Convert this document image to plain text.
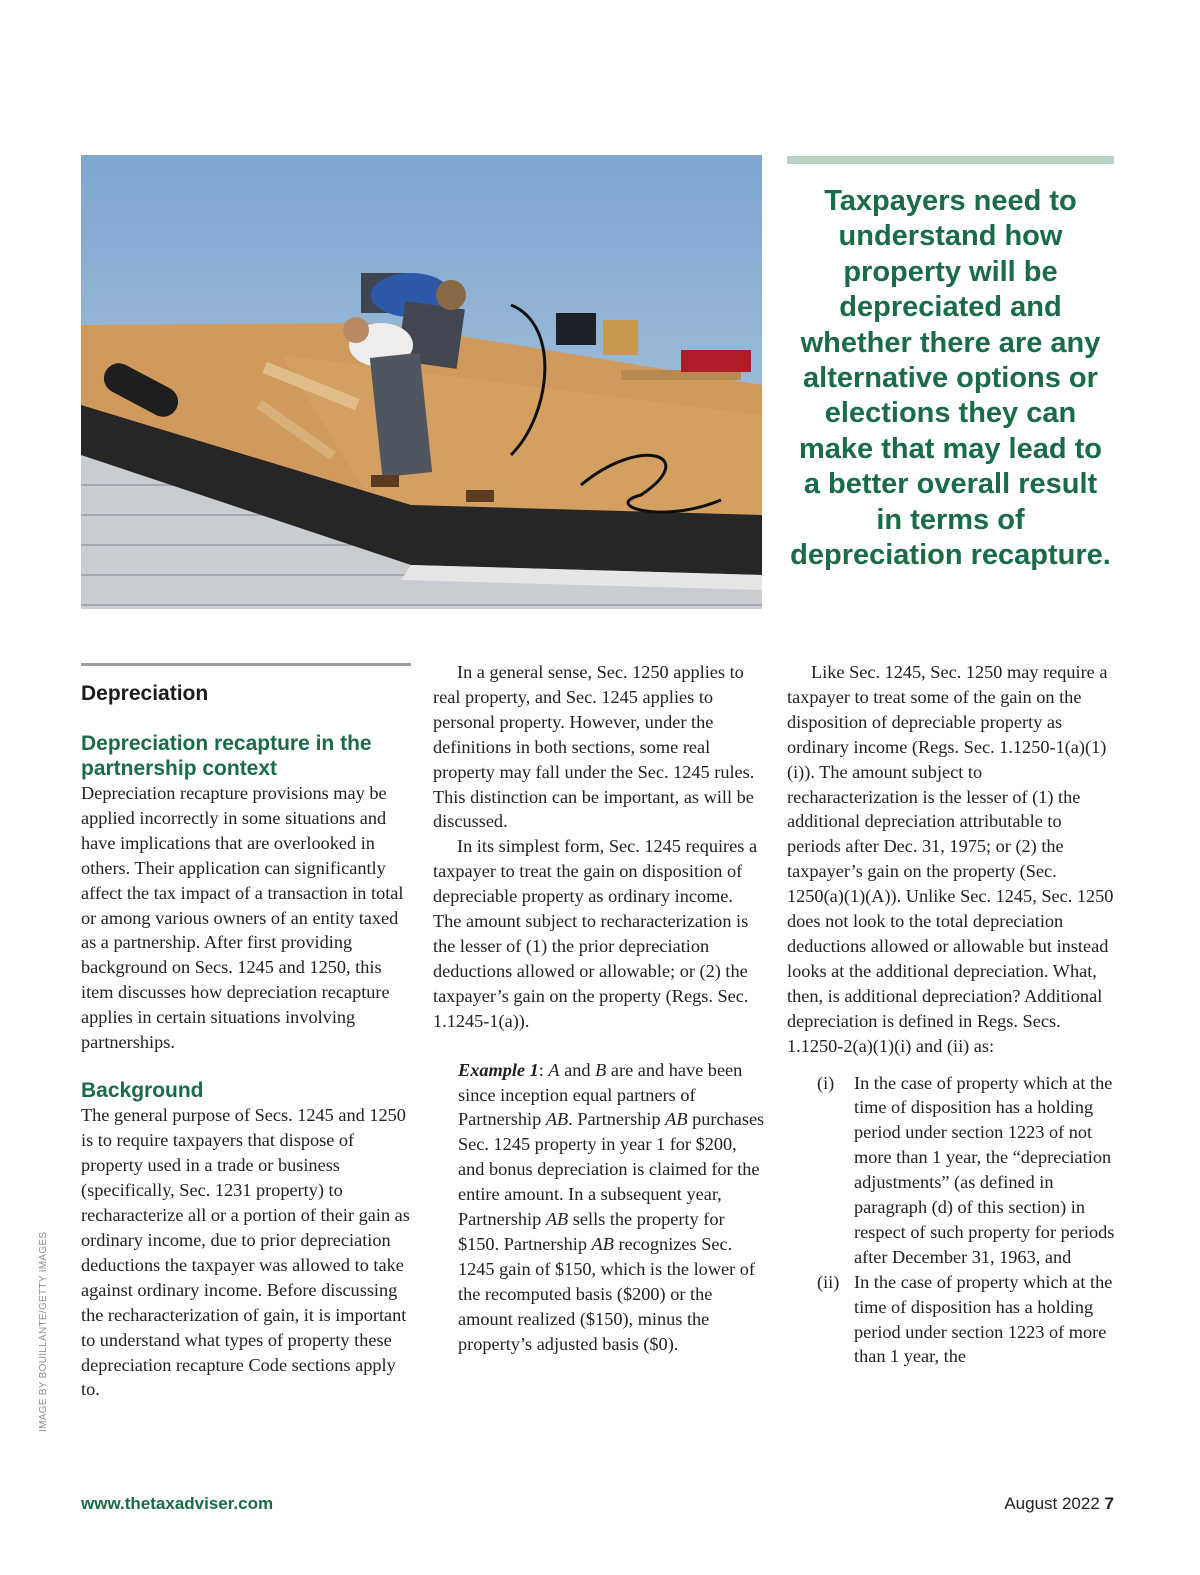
Taxpayers need to understand how property will be depreciated and whether there are any alternative options or elections they can make that may lead to a better overall result in terms of depreciation recapture.

IMAGE BY BOUILLANTE/GETTY IMAGES
Depreciation
Depreciation recapture in the partnership context

Depreciation recapture provisions may be applied incorrectly in some situations and have implications that are overlooked in others. Their application can significantly affect the tax impact of a transaction in total or among various owners of an entity taxed as a partnership. After first providing background on Secs. 1245 and 1250, this item discusses how depreciation recapture applies in certain situations involving partnerships.

Background

The general purpose of Secs. 1245 and 1250 is to require taxpayers that dispose of property used in a trade or business (specifically, Sec. 1231 property) to recharacterize all or a portion of their gain as ordinary income, due to prior depreciation deductions the taxpayer was allowed to take against ordinary income. Before discussing the recharacterization of gain, it is important to understand what types of property these depreciation recapture Code sections apply to.

In a general sense, Sec. 1250 applies to real property, and Sec. 1245 applies to personal property. However, under the definitions in both sections, some real property may fall under the Sec. 1245 rules. This distinction can be important, as will be discussed.

In its simplest form, Sec. 1245 requires a taxpayer to treat the gain on disposition of depreciable property as ordinary income. The amount subject to recharacterization is the lesser of (1) the prior depreciation deductions allowed or allowable; or (2) the taxpayer’s gain on the property (Regs. Sec. 1.1245-1(a)).

Example 1: A and B are and have been since inception equal partners of Partnership AB. Partnership AB purchases Sec. 1245 property in year 1 for $200, and bonus depreciation is claimed for the entire amount. In a subsequent year, Partnership AB sells the property for $150. Partnership AB recognizes Sec. 1245 gain of $150, which is the lower of the recomputed basis ($200) or the amount realized ($150), minus the property’s adjusted basis ($0).

Like Sec. 1245, Sec. 1250 may require a taxpayer to treat some of the gain on the disposition of depreciable property as ordinary income (Regs. Sec. 1.1250-1(a)(1)(i)). The amount subject to recharacterization is the lesser of (1) the additional depreciation attributable to periods after Dec. 31, 1975; or (2) the taxpayer’s gain on the property (Sec. 1250(a)(1)(A)). Unlike Sec. 1245, Sec. 1250 does not look to the total depreciation deductions allowed or allowable but instead looks at the additional depreciation. What, then, is additional depreciation? Additional depreciation is defined in Regs. Secs. 1.1250-2(a)(1)(i) and (ii) as:

(i)	In the case of property which at the time of disposition has a holding period under section 1223 of not more than 1 year, the “depreciation adjustments” (as defined in paragraph (d) of this section) in respect of such property for periods after December 31, 1963, and
(ii) In the case of property which at the time of disposition has a holding period under section 1223 of more than 1 year, the
www.thetaxadviser.com	August 2022 7
